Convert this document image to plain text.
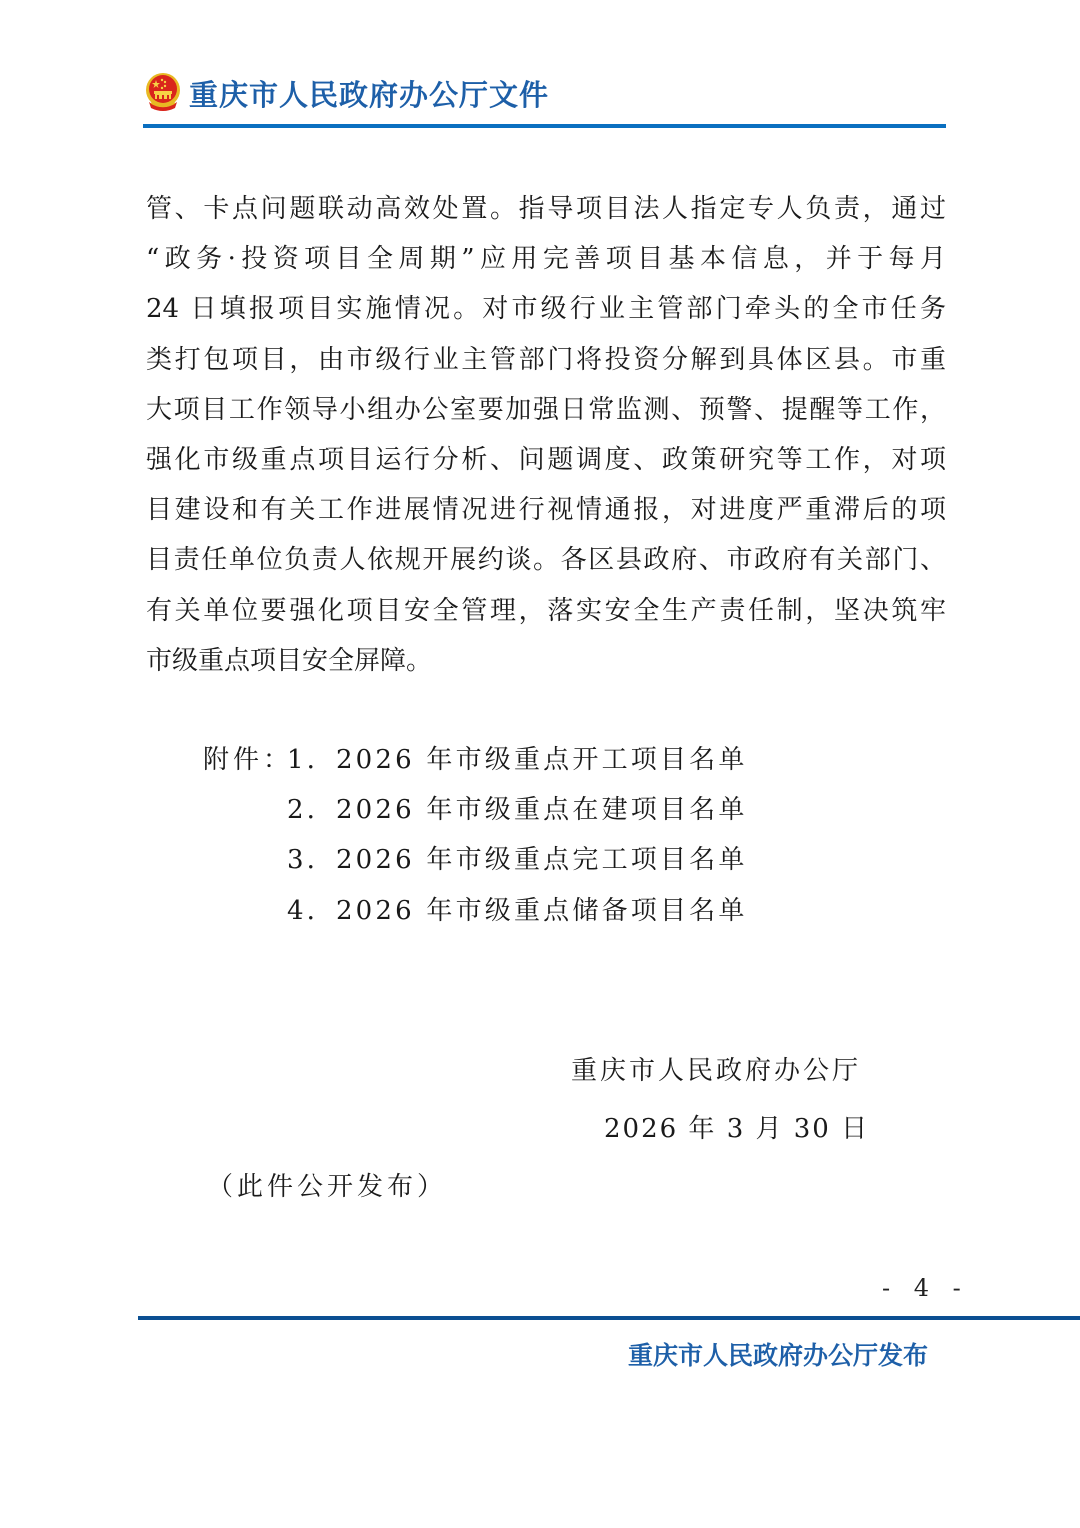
重庆市人民政府办公厅文件
管、卡点问题联动高效处置。指导项目法人指定专人负责，通过
“政务·投资项目全周期”应用完善项目基本信息，并于每月
24 日填报项目实施情况。对市级行业主管部门牵头的全市任务
类打包项目，由市级行业主管部门将投资分解到具体区县。市重
大项目工作领导小组办公室要加强日常监测、预警、提醒等工作，
强化市级重点项目运行分析、问题调度、政策研究等工作，对项
目建设和有关工作进展情况进行视情通报，对进度严重滞后的项
目责任单位负责人依规开展约谈。各区县政府、市政府有关部门、
有关单位要强化项目安全管理，落实安全生产责任制，坚决筑牢
市级重点项目安全屏障。
附件：
1．2026 年市级重点开工项目名单
2．2026 年市级重点在建项目名单
3．2026 年市级重点完工项目名单
4．2026 年市级重点储备项目名单
重庆市人民政府办公厅
2026 年 3 月 30 日
（此件公开发布）
- 4 -
重庆市人民政府办公厅发布
